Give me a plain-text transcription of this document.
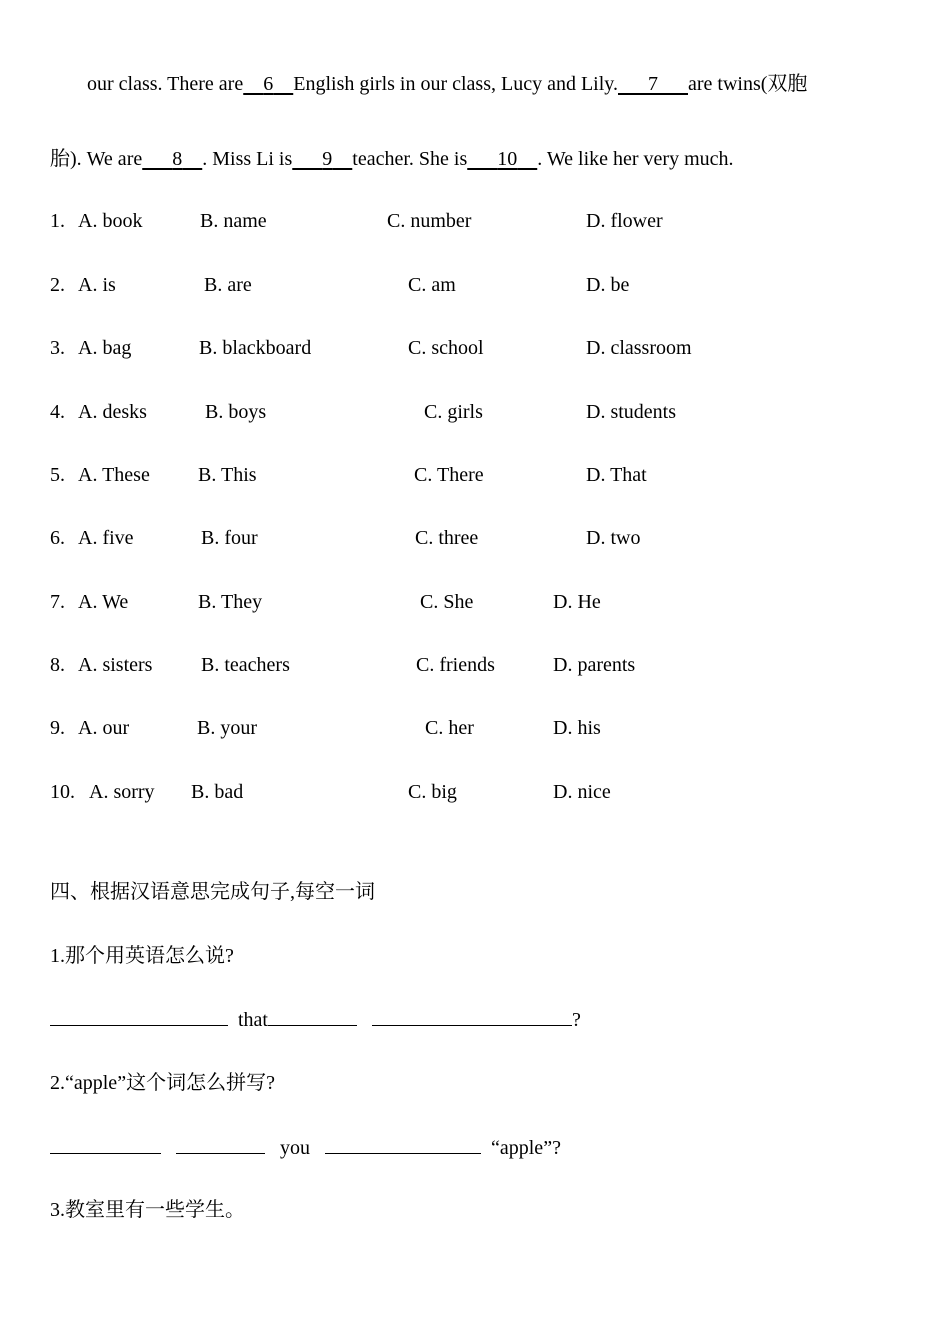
our class. There are   6   English girls in our class, Lucy and Lily.    7    are twins(双胞
胎). We are    8   . Miss Li is    9   teacher. She is    10   . We like her very much.
1. A. book	B. name	C. number	D. flower
2. A. is	B. are	C. am	D. be
3. A. bag	B. blackboard	C. school	D. classroom
4. A. desks	B. boys	C. girls	D. students
5. A. These B. This	C. There	D. That
6. A. five	B. four	C. three	D. two
7. A. We	B. They	C. She	D. He
8. A. sisters B. teachers	C. friends	D. parents
9. A. our	B. your	C. her	D. his
10. A. sorry B. bad	C. big	D. nice
四、根据汉语意思完成句子,每空一词
1.那个用英语怎么说?
that	?
2.“apple”这个词怎么拼写?
you	“apple”?
3.教室里有一些学生。
